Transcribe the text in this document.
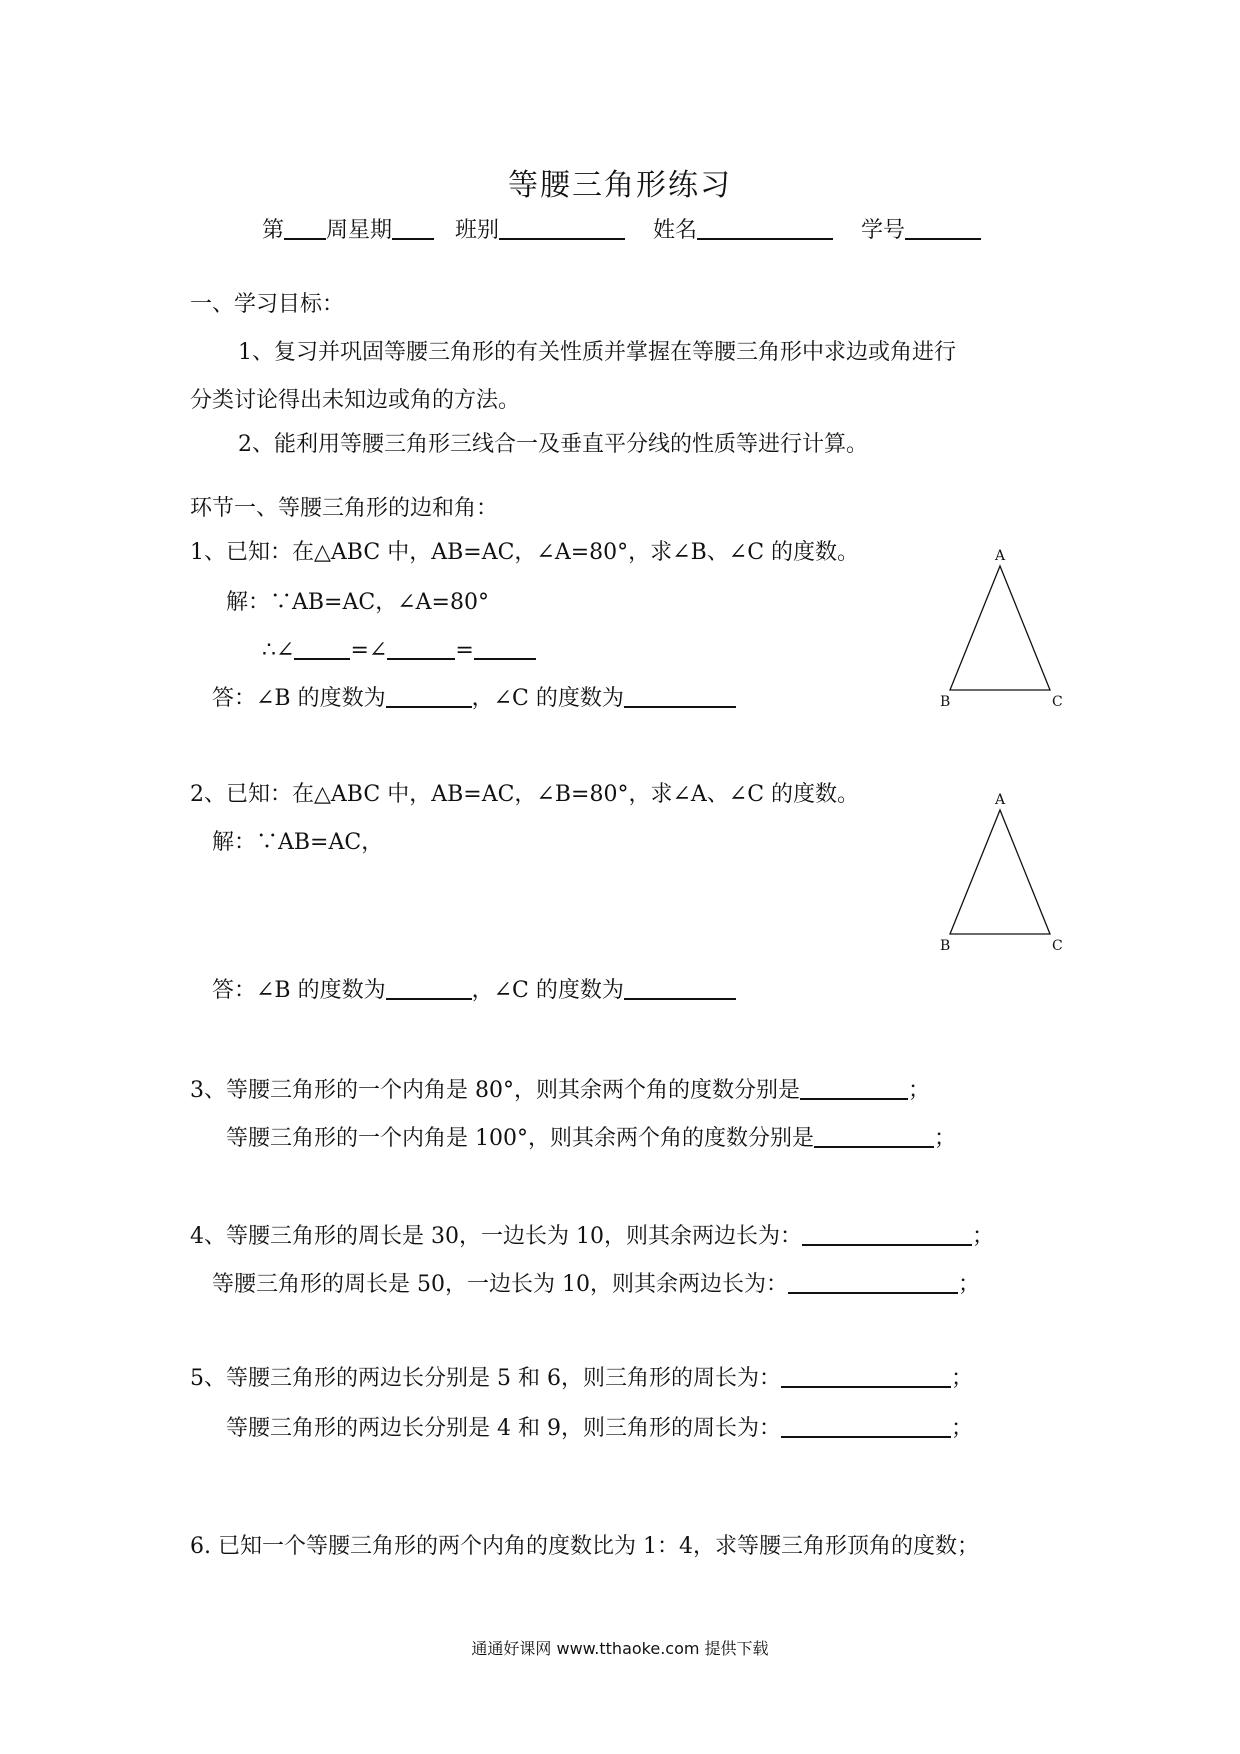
等腰三角形练习
第 周星期	班别	姓名	学号
一、学习目标：
1、复习并巩固等腰三角形的有关性质并掌握在等腰三角形中求边或角进行
分类讨论得出未知边或角的方法。
2、能利用等腰三角形三线合一及垂直平分线的性质等进行计算。
环节一、等腰三角形的边和角：
1、已知：在△ABC 中，AB=AC，∠A=80°，求∠B、∠C 的度数。
解：∵AB=AC，∠A=80°
∴∠	=∠	=
答：∠B 的度数为	，∠C 的度数为
A
B	C
2、已知：在△ABC 中，AB=AC，∠B=80°，求∠A、∠C 的度数。
解：∵AB=AC，
答：∠B 的度数为	，∠C 的度数为
A
B	C
3、等腰三角形的一个内角是 80°，则其余两个角的度数分别是	；
等腰三角形的一个内角是 100°，则其余两个角的度数分别是	；
4、等腰三角形的周长是 30，一边长为 10，则其余两边长为：	；
等腰三角形的周长是 50，一边长为 10，则其余两边长为：	；
5、等腰三角形的两边长分别是 5 和 6，则三角形的周长为：	；
等腰三角形的两边长分别是 4 和 9，则三角形的周长为：	；
6. 已知一个等腰三角形的两个内角的度数比为 1：4，求等腰三角形顶角的度数；
通通好课网 www.tthaoke.com 提供下载
